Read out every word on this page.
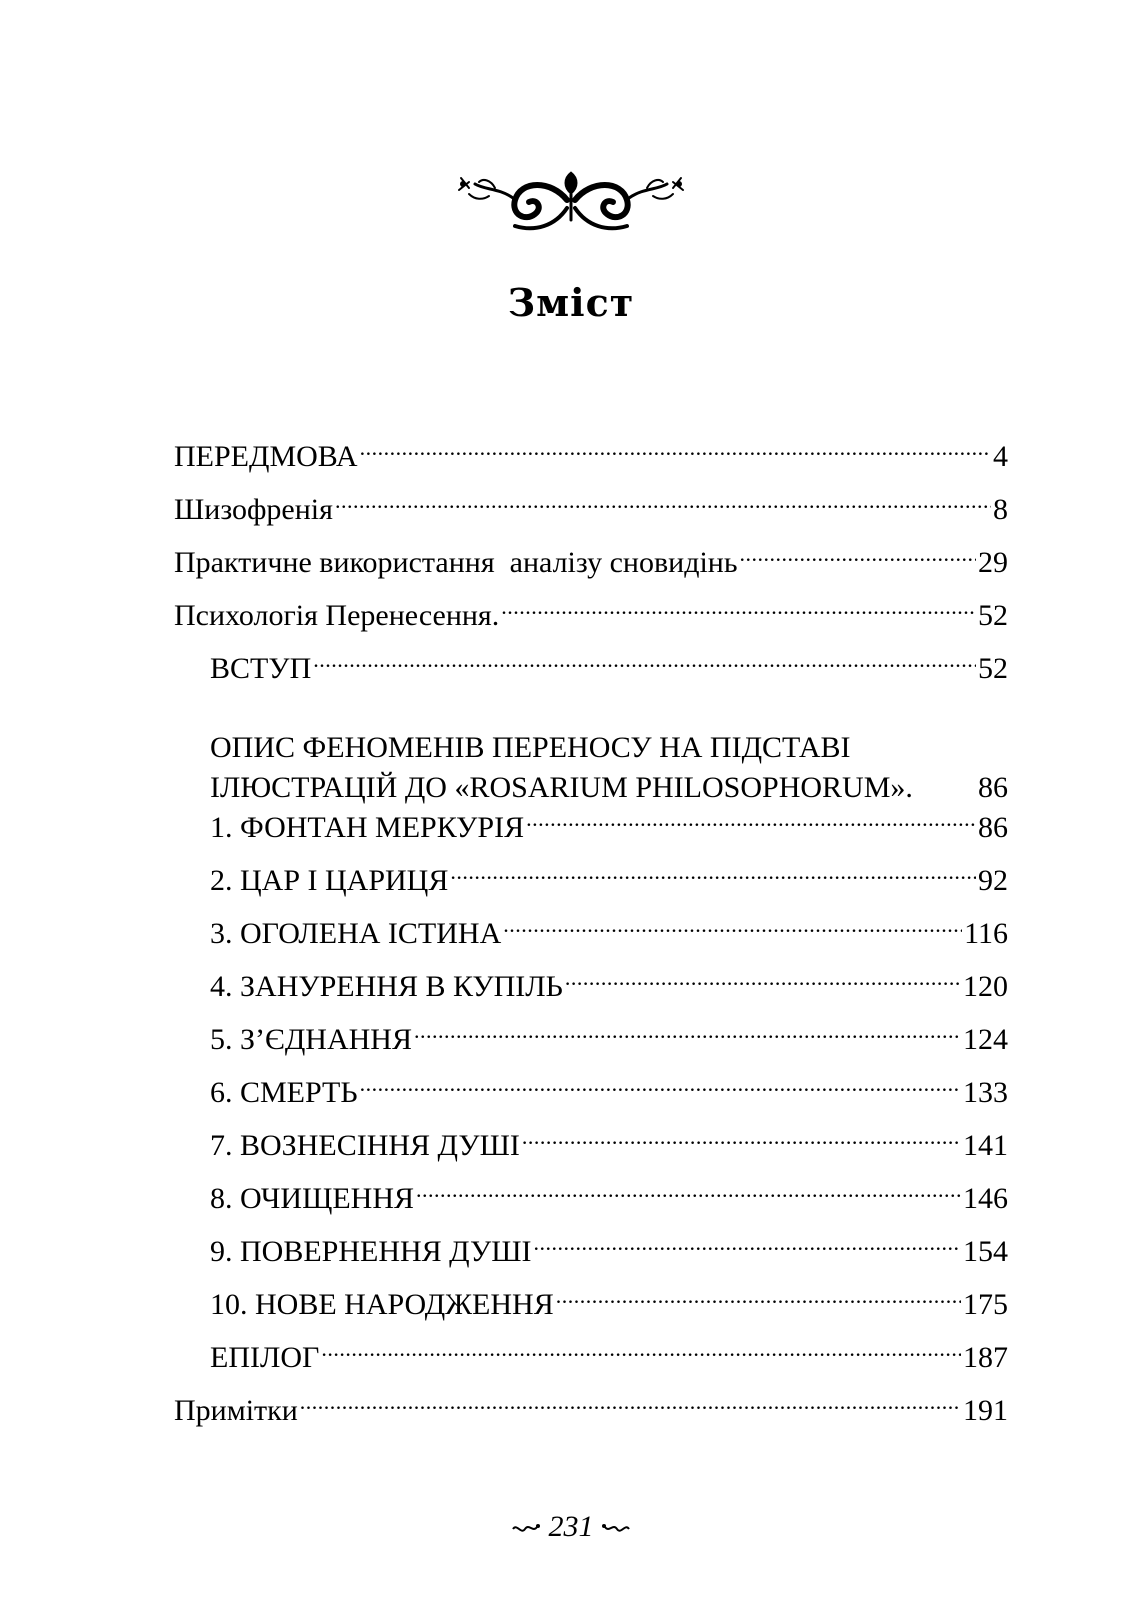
Зміст
ПЕРЕДМОВА .....	4
Шизофренія .....	8
Практичне використання  аналізу сновидінь .....	29
Психологія Перенесення. .....	52
ВСТУП .....	52
ОПИС ФЕНОМЕНІВ ПЕРЕНОСУ НА ПІДСТАВІ
ІЛЮСТРАЦІЙ ДО «ROSARIUM PHILOSOPHORUM» . 86
1. ФОНТАН МЕРКУРІЯ .....	86
2. ЦАР І ЦАРИЦЯ .....	92
3. ОГОЛЕНА ІСТИНА .....	116
4. ЗАНУРЕННЯ В КУПІЛЬ .....	120
5. З’ЄДНАННЯ .....	124
6. СМЕРТЬ .....	133
7. ВОЗНЕСІННЯ ДУШІ .....	141
8. ОЧИЩЕННЯ .....	146
9. ПОВЕРНЕННЯ ДУШІ .....	154
10. НОВЕ НАРОДЖЕННЯ .....	175
ЕПІЛОГ .....	187
Примітки .....	191
231
